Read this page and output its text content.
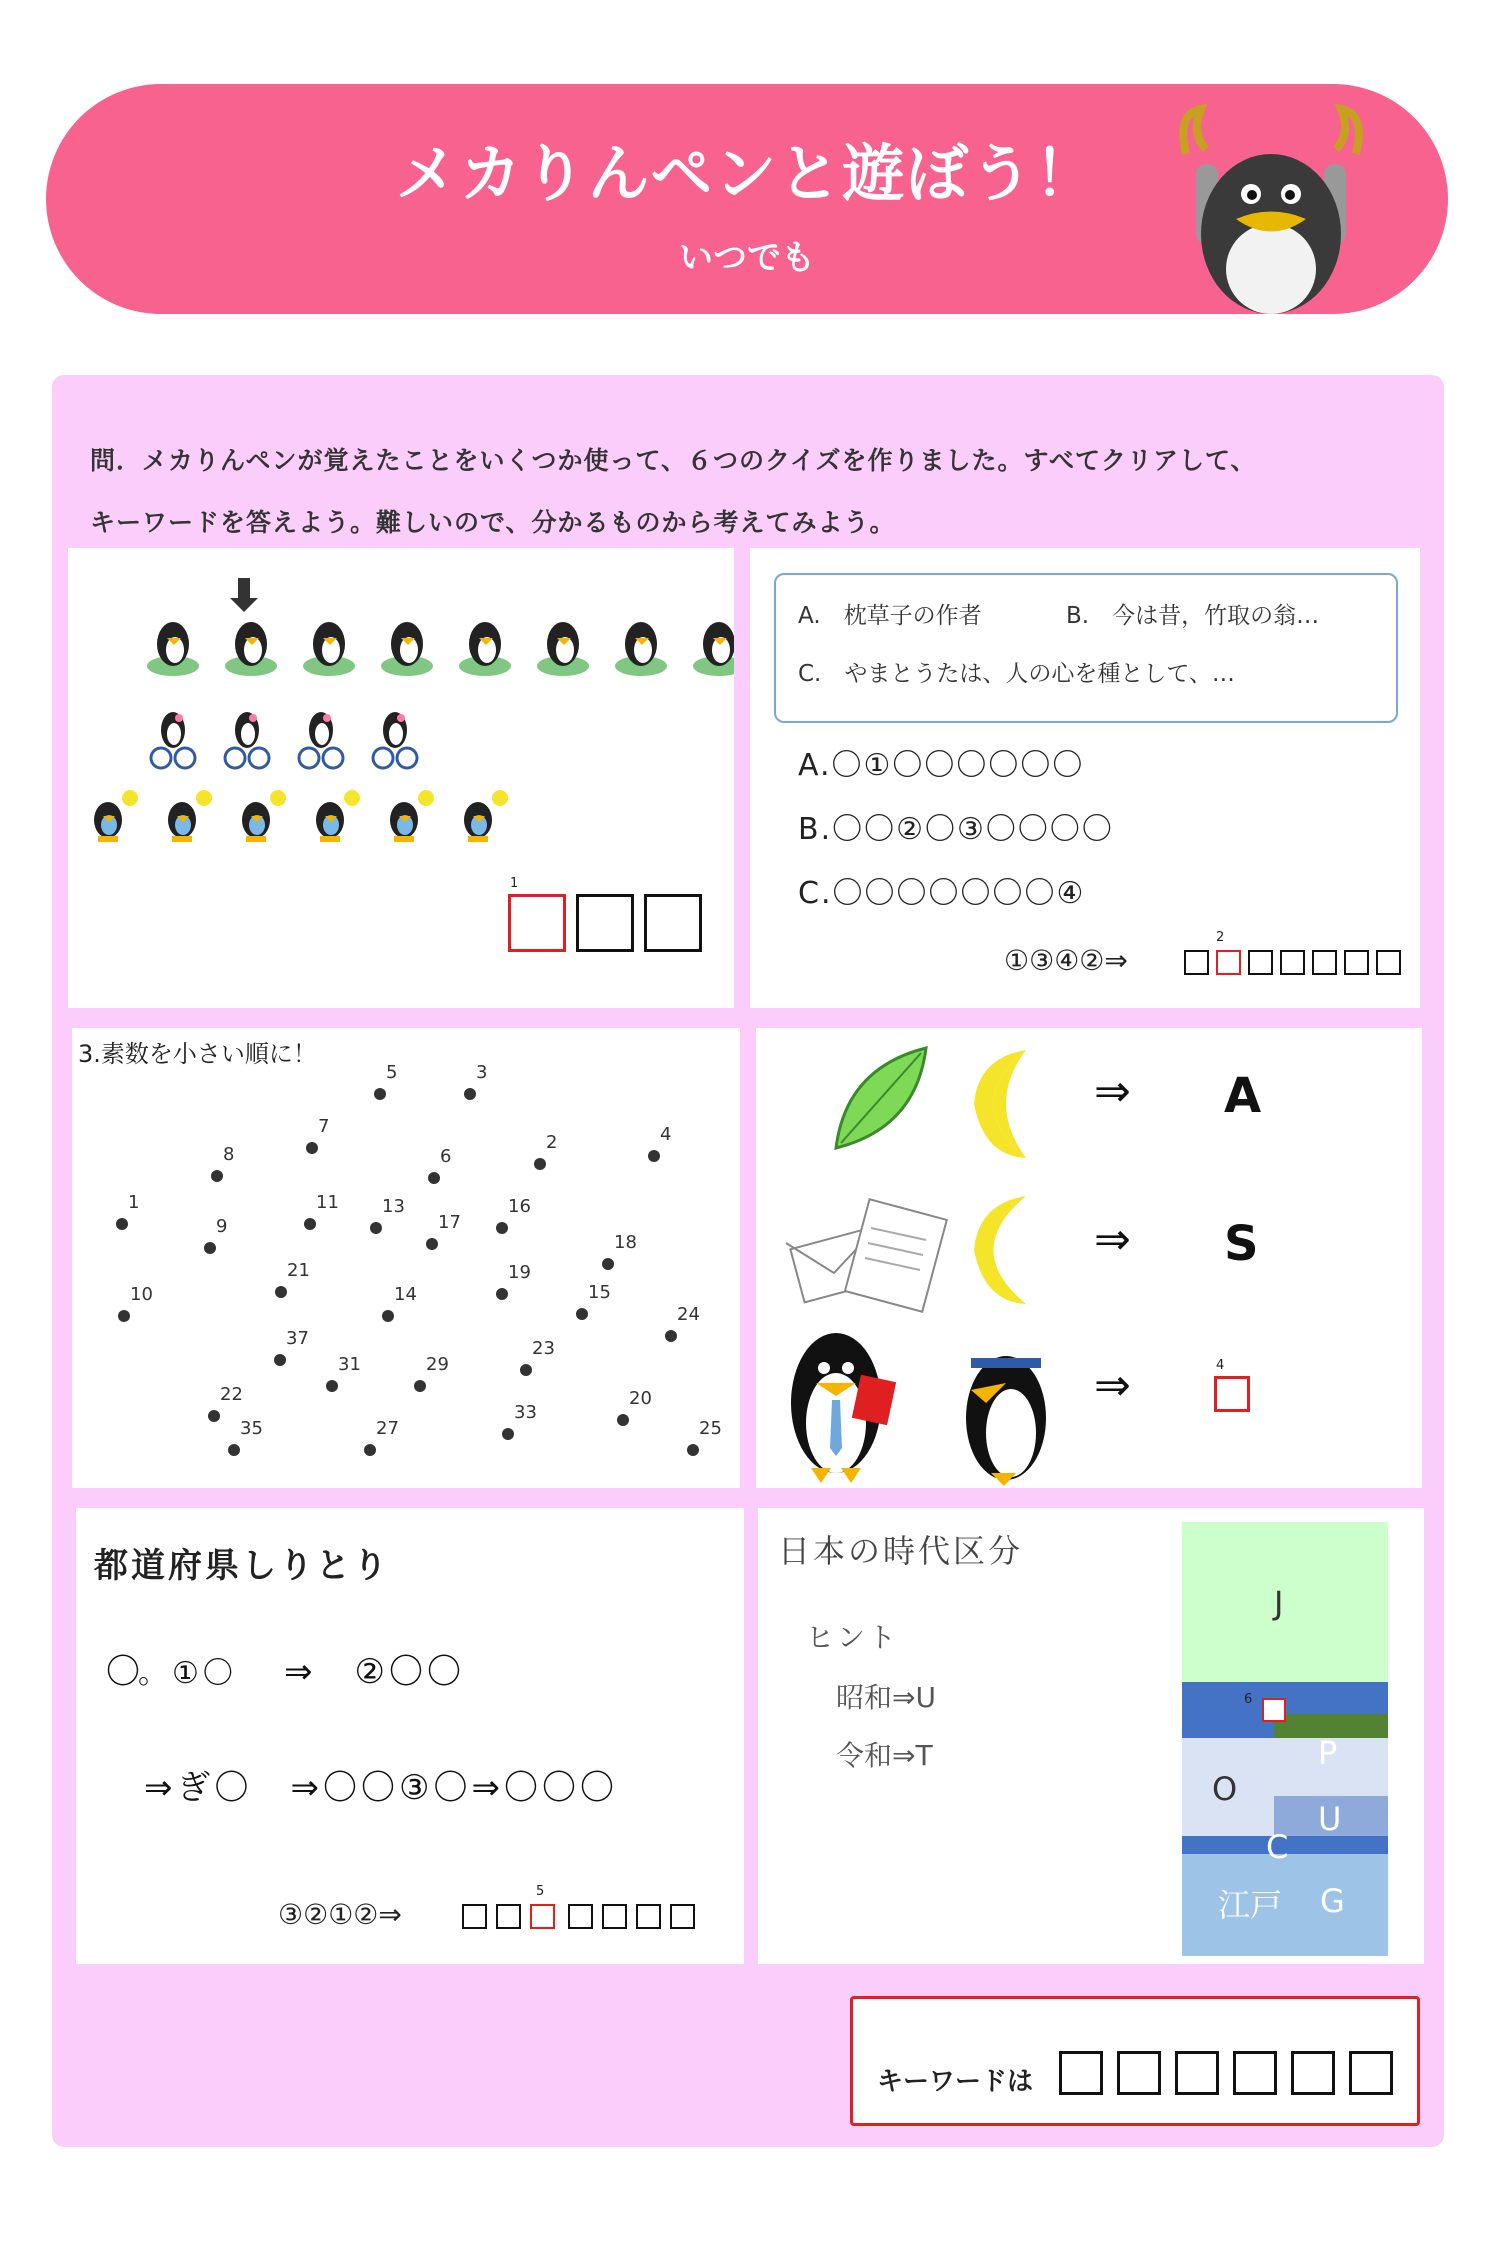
メカりんペンと遊ぼう！
いつでも
問．メカりんペンが覚えたことをいくつか使って、６つのクイズを作りました。すべてクリアして、
キーワードを答えよう。難しいので、分かるものから考えてみよう。
1
A.　枕草子の作者	B.　今は昔，竹取の翁…
C.　やまとうたは、人の心を種として、…
A.〇①〇〇〇〇〇〇
B.〇〇②〇③〇〇〇〇
C.〇〇〇〇〇〇〇④
①③④②⇒
2
3.素数を小さい順に！
5	3
7
8	6
2	4
1	11 13
17
16
9
18
19
10
21
14	15
24
37	23
31	29
20
22
33
25
35	27
⇒ A
⇒ S
⇒	4
都道府県しりとり
〇
。①〇 ⇒　②〇〇
⇒ぎ〇　⇒〇〇③〇⇒〇〇〇
③②①②⇒
5
日本の時代区分
ヒント
昭和⇒U
令和⇒T
J
6
P
O
U
C
江戸 G
キーワードは
